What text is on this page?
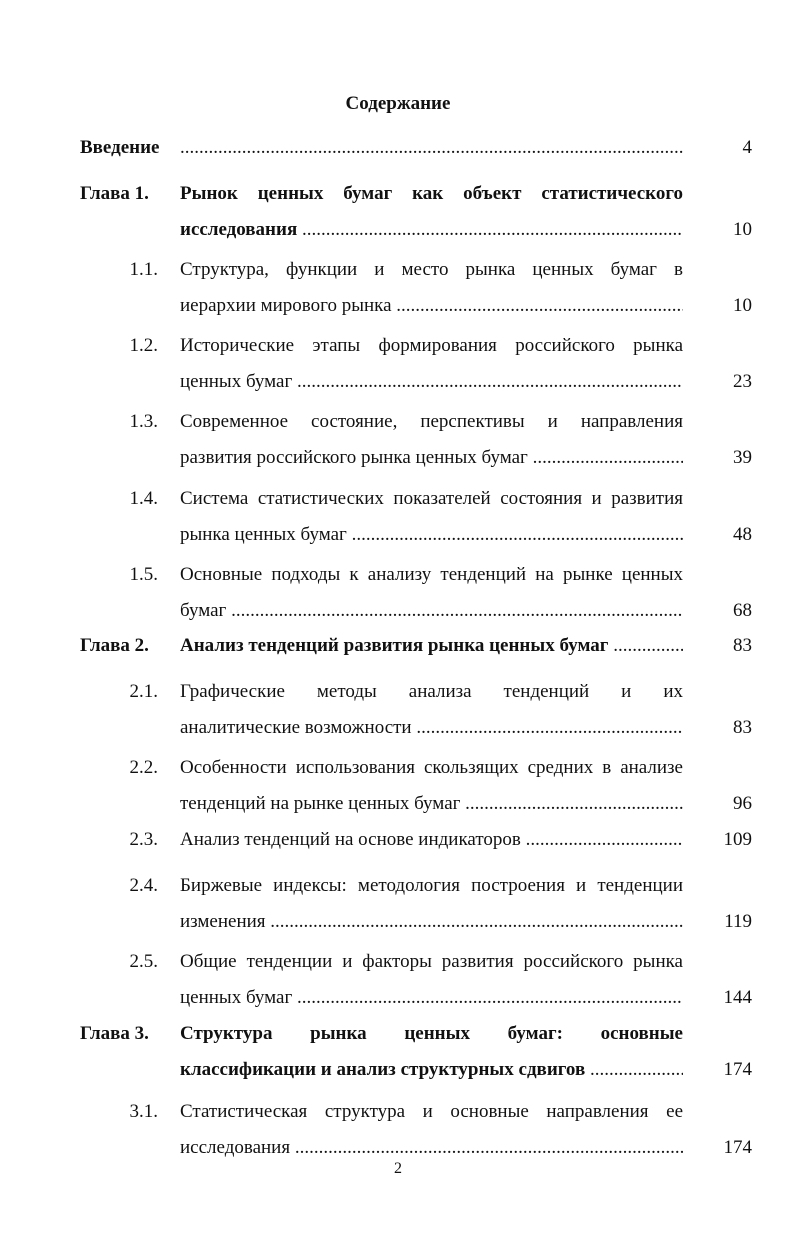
Содержание
Введение .....	4
Глава 1. Рынок ценных бумаг как объект статистического
исследования .....	10
1.1. Структура, функции и место рынка ценных бумаг в
иерархии мирового рынка .....	10
1.2. Исторические этапы формирования российского рынка
ценных бумаг .....	23
1.3. Современное состояние, перспективы и направления
развития российского рынка ценных бумаг .....	39
1.4. Система статистических показателей состояния и развития
рынка ценных бумаг .....	48
1.5. Основные подходы к анализу тенденций на рынке ценных
бумаг .....	68
Глава 2. Анализ тенденций развития рынка ценных бумаг .....	83
2.1. Графические методы анализа тенденций и их
аналитические возможности .....	83
2.2. Особенности использования скользящих средних в анализе
тенденций на рынке ценных бумаг .....	96
2.3. Анализ тенденций на основе индикаторов .....	109
2.4. Биржевые индексы: методология построения и тенденции
изменения .....	119
2.5. Общие тенденции и факторы развития российского рынка
ценных бумаг .....	144
Глава 3. Структура рынка ценных бумаг: основные
классификации и анализ структурных сдвигов .....	174
3.1. Статистическая структура и основные направления ее
исследования .....	174
2
